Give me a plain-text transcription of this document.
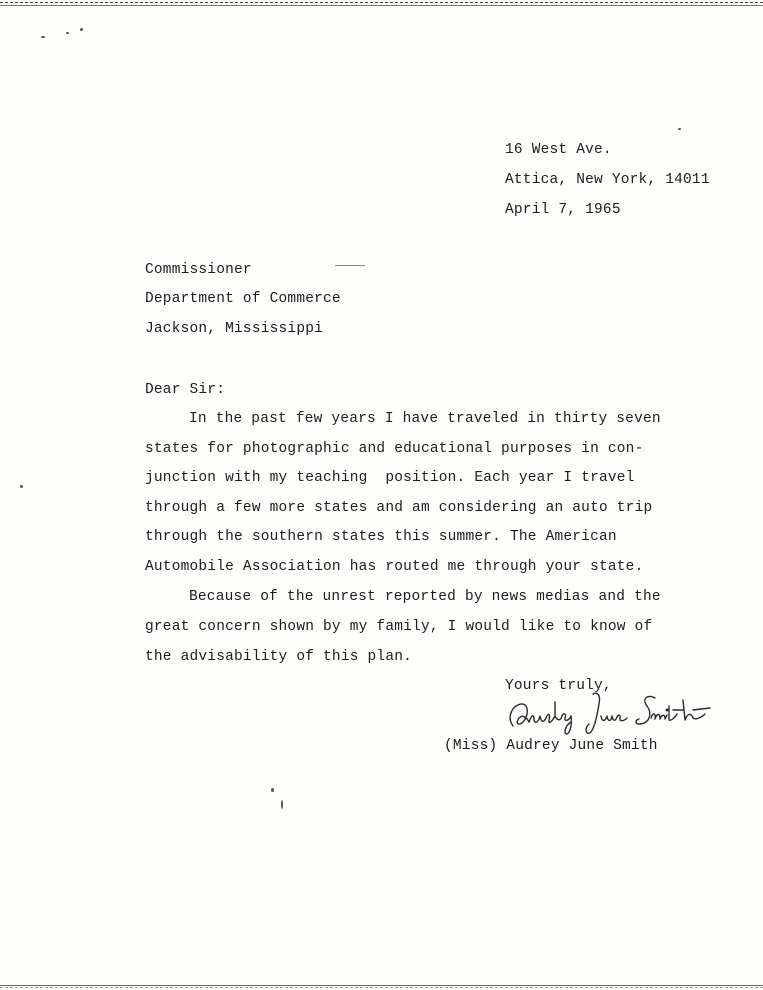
16 West Ave.
Attica, New York, 14011
April 7, 1965
Commissioner
Department of Commerce
Jackson, Mississippi
Dear Sir:
In the past few years I have traveled in thirty seven
states for photographic and educational purposes in con-
junction with my teaching  position. Each year I travel
through a few more states and am considering an auto trip
through the southern states this summer. The American
Automobile Association has routed me through your state.
Because of the unrest reported by news medias and the
great concern shown by my family, I would like to know of
the advisability of this plan.
Yours truly,
(Miss) Audrey June Smith
